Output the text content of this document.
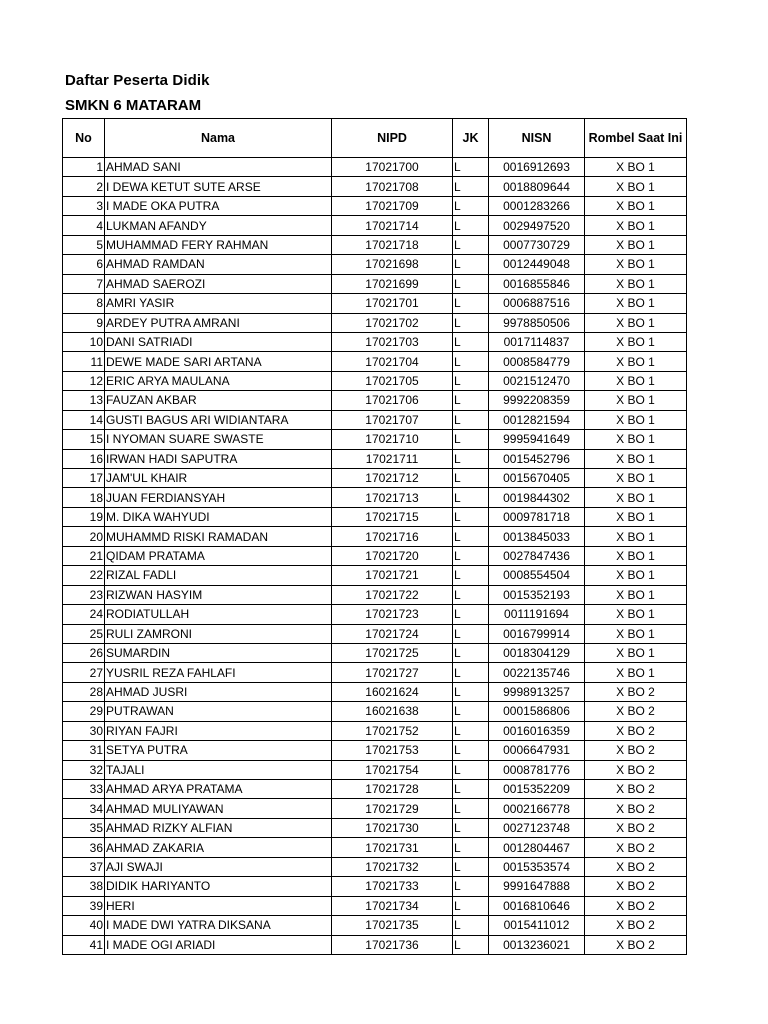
Daftar Peserta Didik
SMKN 6 MATARAM
No	Nama	NIPD	JK	NISN	Rombel Saat Ini
1	AHMAD SANI	17021700	L	0016912693	X BO 1
2	I DEWA KETUT SUTE ARSE	17021708	L	0018809644	X BO 1
3	I MADE OKA PUTRA	17021709	L	0001283266	X BO 1
4	LUKMAN AFANDY	17021714	L	0029497520	X BO 1
5	MUHAMMAD FERY RAHMAN	17021718	L	0007730729	X BO 1
6	AHMAD RAMDAN	17021698	L	0012449048	X BO 1
7	AHMAD SAEROZI	17021699	L	0016855846	X BO 1
8	AMRI YASIR	17021701	L	0006887516	X BO 1
9	ARDEY PUTRA AMRANI	17021702	L	9978850506	X BO 1
10	DANI SATRIADI	17021703	L	0017114837	X BO 1
11	DEWE MADE SARI ARTANA	17021704	L	0008584779	X BO 1
12	ERIC ARYA MAULANA	17021705	L	0021512470	X BO 1
13	FAUZAN AKBAR	17021706	L	9992208359	X BO 1
14	GUSTI BAGUS ARI WIDIANTARA	17021707	L	0012821594	X BO 1
15	I NYOMAN SUARE SWASTE	17021710	L	9995941649	X BO 1
16	IRWAN HADI SAPUTRA	17021711	L	0015452796	X BO 1
17	JAM'UL KHAIR	17021712	L	0015670405	X BO 1
18	JUAN FERDIANSYAH	17021713	L	0019844302	X BO 1
19	M. DIKA WAHYUDI	17021715	L	0009781718	X BO 1
20	MUHAMMD RISKI RAMADAN	17021716	L	0013845033	X BO 1
21	QIDAM PRATAMA	17021720	L	0027847436	X BO 1
22	RIZAL FADLI	17021721	L	0008554504	X BO 1
23	RIZWAN HASYIM	17021722	L	0015352193	X BO 1
24	RODIATULLAH	17021723	L	0011191694	X BO 1
25	RULI ZAMRONI	17021724	L	0016799914	X BO 1
26	SUMARDIN	17021725	L	0018304129	X BO 1
27	YUSRIL REZA FAHLAFI	17021727	L	0022135746	X BO 1
28	AHMAD JUSRI	16021624	L	9998913257	X BO 2
29	PUTRAWAN	16021638	L	0001586806	X BO 2
30	RIYAN FAJRI	17021752	L	0016016359	X BO 2
31	SETYA PUTRA	17021753	L	0006647931	X BO 2
32	TAJALI	17021754	L	0008781776	X BO 2
33	AHMAD ARYA PRATAMA	17021728	L	0015352209	X BO 2
34	AHMAD MULIYAWAN	17021729	L	0002166778	X BO 2
35	AHMAD RIZKY ALFIAN	17021730	L	0027123748	X BO 2
36	AHMAD ZAKARIA	17021731	L	0012804467	X BO 2
37	AJI SWAJI	17021732	L	0015353574	X BO 2
38	DIDIK HARIYANTO	17021733	L	9991647888	X BO 2
39	HERI	17021734	L	0016810646	X BO 2
40	I MADE DWI YATRA DIKSANA	17021735	L	0015411012	X BO 2
41	I MADE OGI ARIADI	17021736	L	0013236021	X BO 2
